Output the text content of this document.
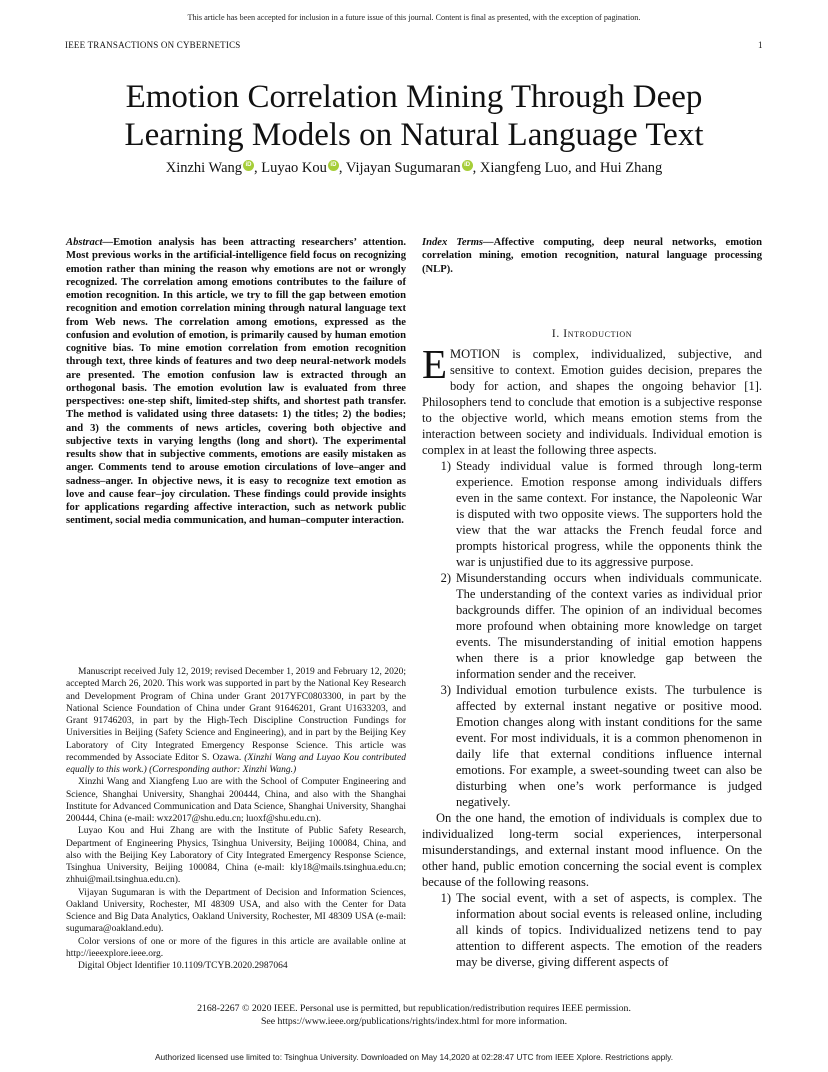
This article has been accepted for inclusion in a future issue of this journal. Content is final as presented, with the exception of pagination.
IEEE TRANSACTIONS ON CYBERNETICS	1
Emotion Correlation Mining Through Deep
Learning Models on Natural Language Text
Xinzhi Wang iD , Luyao Kou iD , Vijayan Sugumaran iD , Xiangfeng Luo, and Hui Zhang
Abstract—Emotion analysis has been attracting researchers’ attention. Most previous works in the artificial-intelligence field focus on recognizing emotion rather than mining the reason why emotions are not or wrongly recognized. The correlation among emotions contributes to the failure of emotion recognition. In this article, we try to fill the gap between emotion recognition and emotion correlation mining through natural language text from Web news. The correlation among emotions, expressed as the confusion and evolution of emotion, is primarily caused by human emotion cognitive bias. To mine emotion correlation from emotion recognition through text, three kinds of features and two deep neural-network models are presented. The emotion confusion law is extracted through an orthogonal basis. The emotion evolution law is evaluated from three perspectives: one-step shift, limited-step shifts, and shortest path transfer. The method is validated using three datasets: 1) the titles; 2) the bodies; and 3) the comments of news articles, covering both objective and subjective texts in varying lengths (long and short). The experimental results show that in subjective comments, emotions are easily mistaken as anger. Comments tend to arouse emotion circulations of love–anger and sadness–anger. In objective news, it is easy to recognize text emotion as love and cause fear–joy circulation. These findings could provide insights for applications regarding affective interaction, such as network public sentiment, social media communication, and human–computer interaction.
Index Terms—Affective computing, deep neural networks, emotion correlation mining, emotion recognition, natural language processing (NLP).

Manuscript received July 12, 2019; revised December 1, 2019 and February 12, 2020; accepted March 26, 2020. This work was supported in part by the National Key Research and Development Program of China under Grant 2017YFC0803300, in part by the National Science Foundation of China under Grant 91646201, Grant U1633203, and Grant 91746203, in part by the High-Tech Discipline Construction Fundings for Universities in Beijing (Safety Science and Engineering), and in part by the Beijing Key Laboratory of City Integrated Emergency Response Science. This article was recommended by Associate Editor S. Ozawa. (Xinzhi Wang and Luyao Kou contributed equally to this work.) (Corresponding author: Xinzhi Wang.)

Xinzhi Wang and Xiangfeng Luo are with the School of Computer Engineering and Science, Shanghai University, Shanghai 200444, China, and also with the Shanghai Institute for Advanced Communication and Data Science, Shanghai University, Shanghai 200444, China (e-mail: wxz2017@shu.edu.cn; luoxf@shu.edu.cn).

Luyao Kou and Hui Zhang are with the Institute of Public Safety Research, Department of Engineering Physics, Tsinghua University, Beijing 100084, China, and also with the Beijing Key Laboratory of City Integrated Emergency Response Science, Tsinghua University, Beijing 100084, China (e-mail: kly18@mails.tsinghua.edu.cn; zhhui@mail.tsinghua.edu.cn).

Vijayan Sugumaran is with the Department of Decision and Information Sciences, Oakland University, Rochester, MI 48309 USA, and also with the Center for Data Science and Big Data Analytics, Oakland University, Rochester, MI 48309 USA (e-mail: sugumara@oakland.edu).

Color versions of one or more of the figures in this article are available online at http://ieeexplore.ieee.org.

Digital Object Identifier 10.1109/TCYB.2020.2987064

I. Introduction

EMOTION is complex, individualized, subjective, and sensitive to context. Emotion guides decision, prepares the body for action, and shapes the ongoing behavior [1]. Philosophers tend to conclude that emotion is a subjective response to the objective world, which means emotion stems from the interaction between society and individuals. Individual emotion is complex in at least the following three aspects.

1) Steady individual value is formed through long-term experience. Emotion response among individuals differs even in the same context. For instance, the Napoleonic War is disputed with two opposite views. The supporters hold the view that the war attacks the French feudal force and prompts historical progress, while the opponents think the war is unjustified due to its aggressive purpose.
2) Misunderstanding occurs when individuals communicate. The understanding of the context varies as individual prior backgrounds differ. The opinion of an individual becomes more profound when obtaining more knowledge on target events. The misunderstanding of initial emotion happens when there is a prior knowledge gap between the information sender and the receiver.
3) Individual emotion turbulence exists. The turbulence is affected by external instant negative or positive mood. Emotion changes along with instant conditions for the same event. For most individuals, it is a common phenomenon in daily life that external conditions influence internal emotions. For example, a sweet-sounding tweet can also be disturbing when one’s work performance is judged negatively.

On the one hand, the emotion of individuals is complex due to individualized long-term social experiences, interpersonal misunderstandings, and external instant mood influence. On the other hand, public emotion concerning the social event is complex because of the following reasons.

1) The social event, with a set of aspects, is complex. The information about social events is released online, including all kinds of topics. Individualized netizens tend to pay attention to different aspects. The emotion of the readers may be diverse, giving different aspects of
2168-2267 © 2020 IEEE. Personal use is permitted, but republication/redistribution requires IEEE permission.
See https://www.ieee.org/publications/rights/index.html for more information.
Authorized licensed use limited to: Tsinghua University. Downloaded on May 14,2020 at 02:28:47 UTC from IEEE Xplore. Restrictions apply.
